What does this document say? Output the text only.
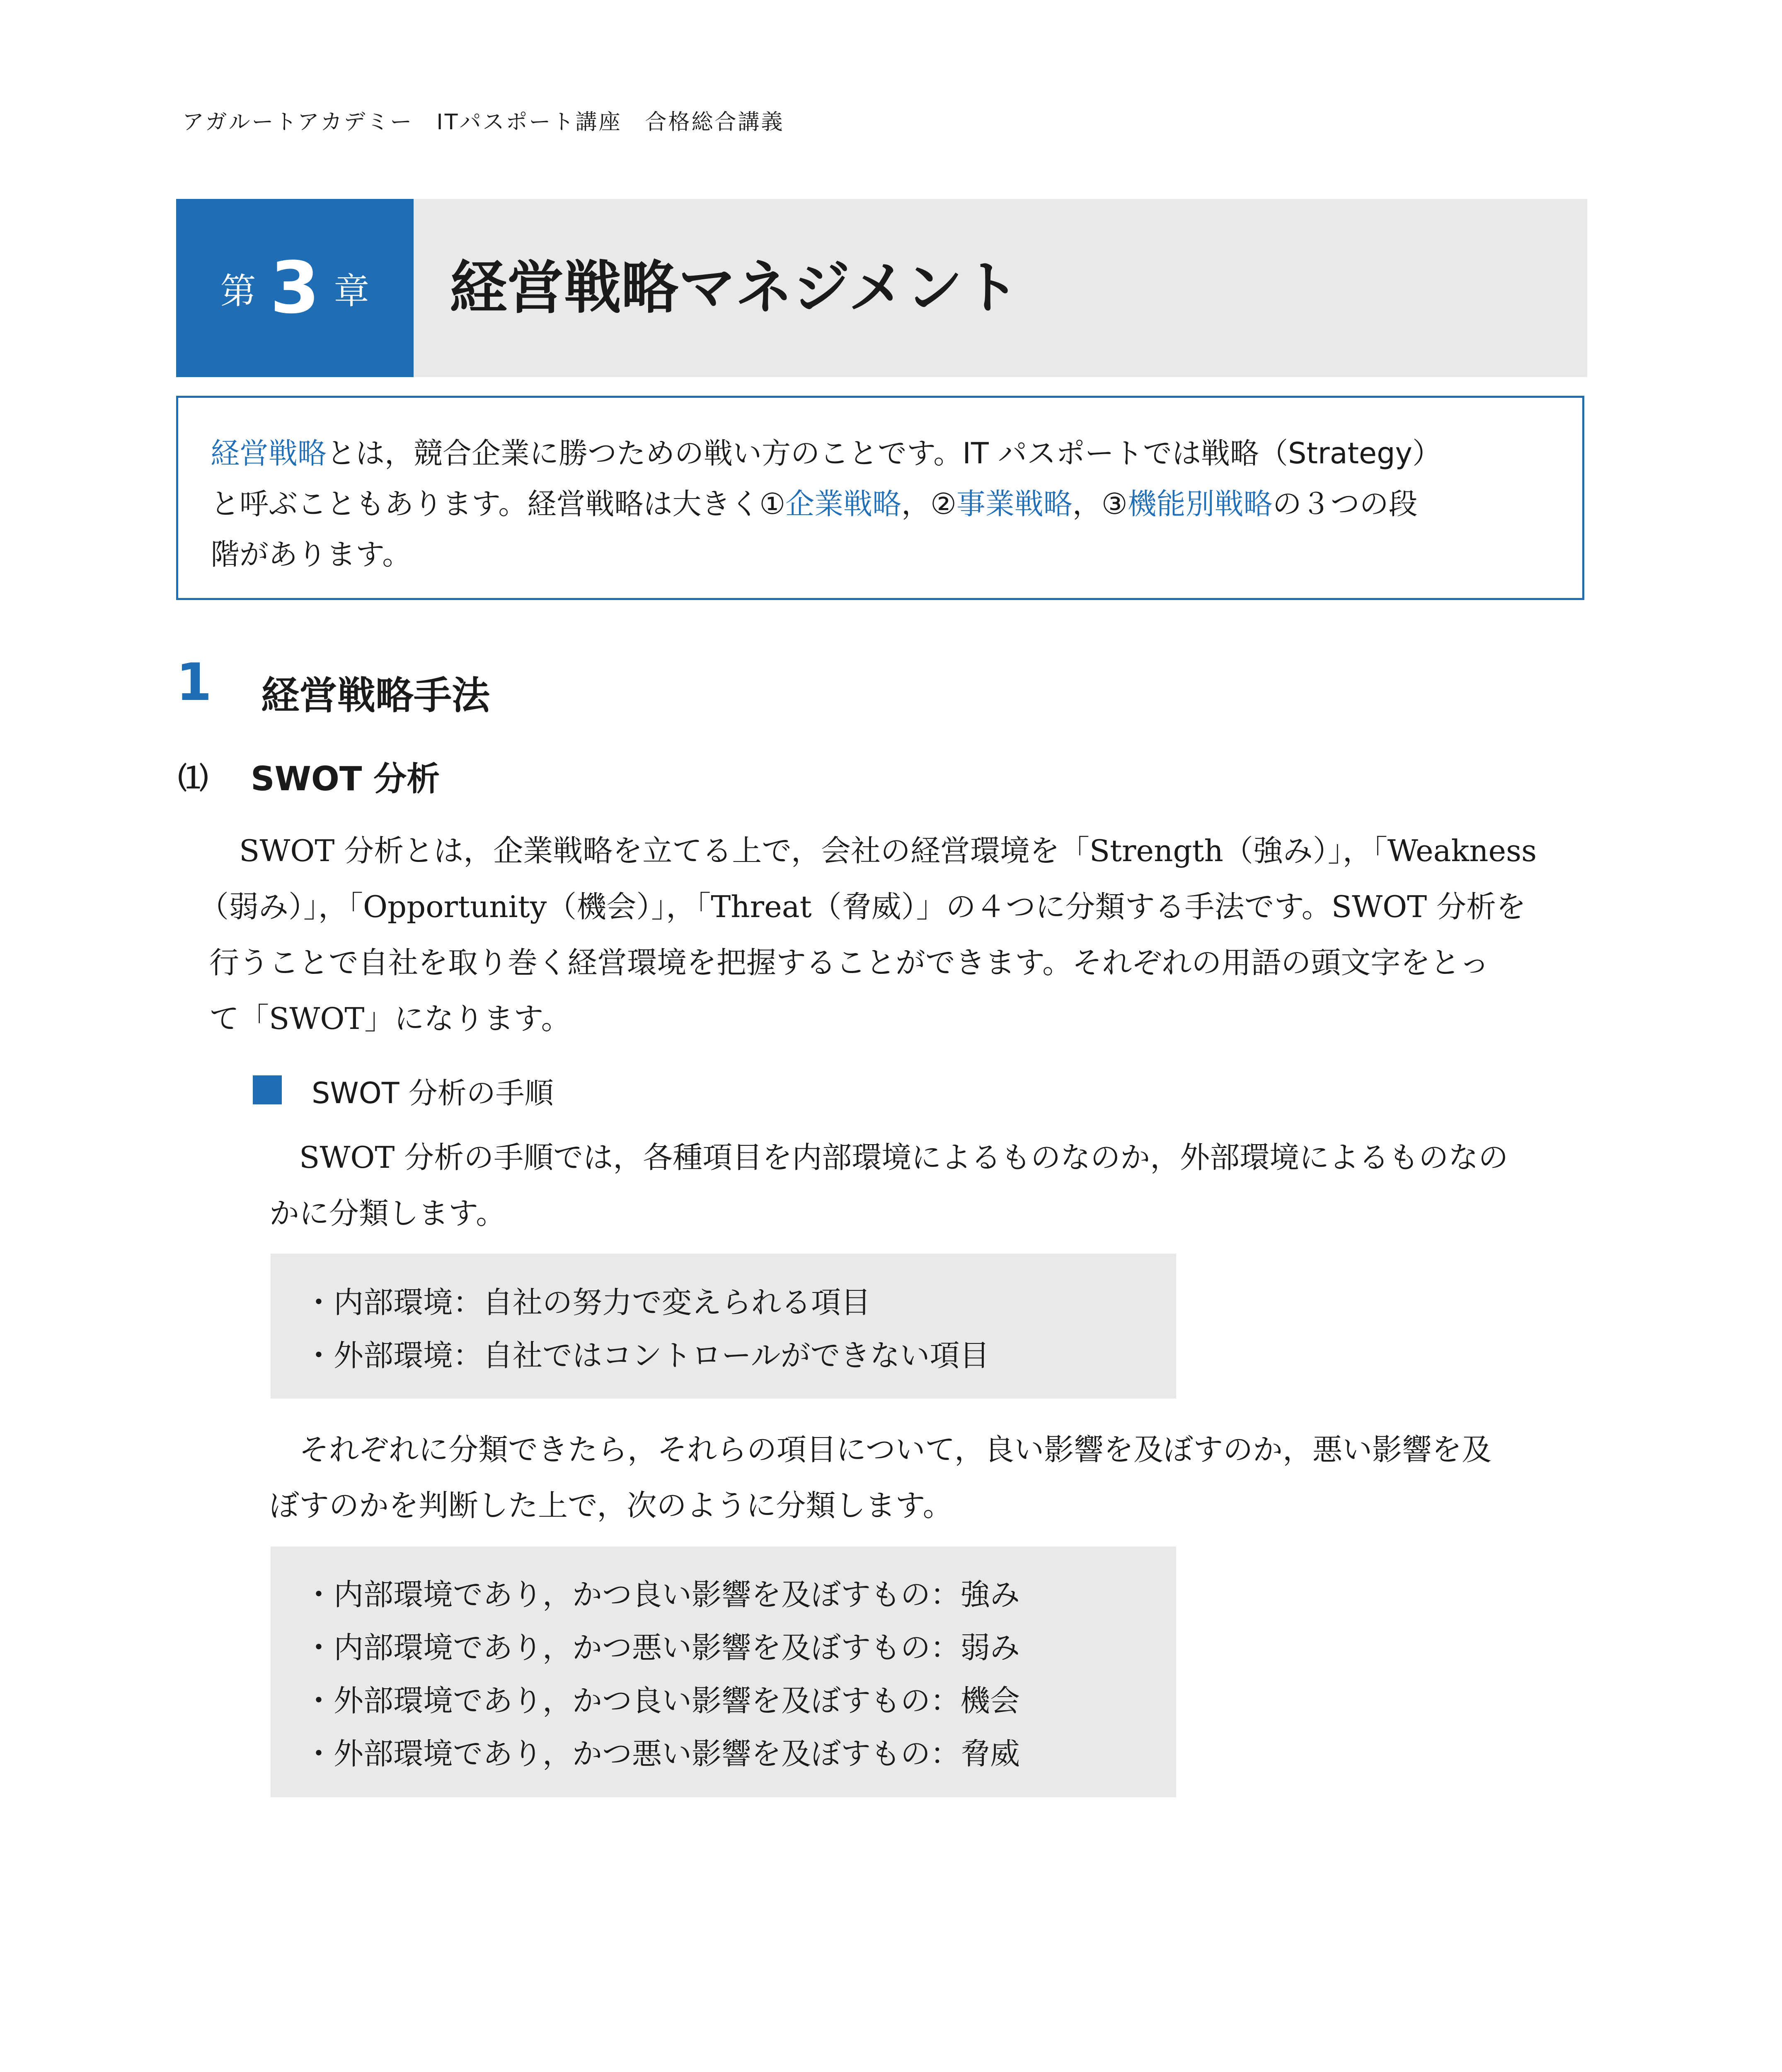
アガルートアカデミー　ITパスポート講座　合格総合講義
第 3 章 経営戦略マネジメント
経営戦略とは，競合企業に勝つための戦い方のことです。IT パスポートでは戦略（Strategy）
と呼ぶこともあります。経営戦略は大きく①企業戦略，②事業戦略，③機能別戦略の３つの段
階があります。
1 経営戦略手法
⑴ SWOT 分析
　SWOT 分析とは，企業戦略を立てる上で，会社の経営環境を「Strength（強み）」，「Weakness
（弱み）」，「Opportunity（機会）」，「Threat（脅威）」の４つに分類する手法です。SWOT 分析を
行うことで自社を取り巻く経営環境を把握することができます。それぞれの用語の頭文字をとっ
て「SWOT」になります。
SWOT 分析の手順
　SWOT 分析の手順では，各種項目を内部環境によるものなのか，外部環境によるものなの
かに分類します。
・内部環境：自社の努力で変えられる項目
・外部環境：自社ではコントロールができない項目
　それぞれに分類できたら，それらの項目について，良い影響を及ぼすのか，悪い影響を及
ぼすのかを判断した上で，次のように分類します。
・内部環境であり，かつ良い影響を及ぼすもの：強み
・内部環境であり，かつ悪い影響を及ぼすもの：弱み
・外部環境であり，かつ良い影響を及ぼすもの：機会
・外部環境であり，かつ悪い影響を及ぼすもの：脅威
